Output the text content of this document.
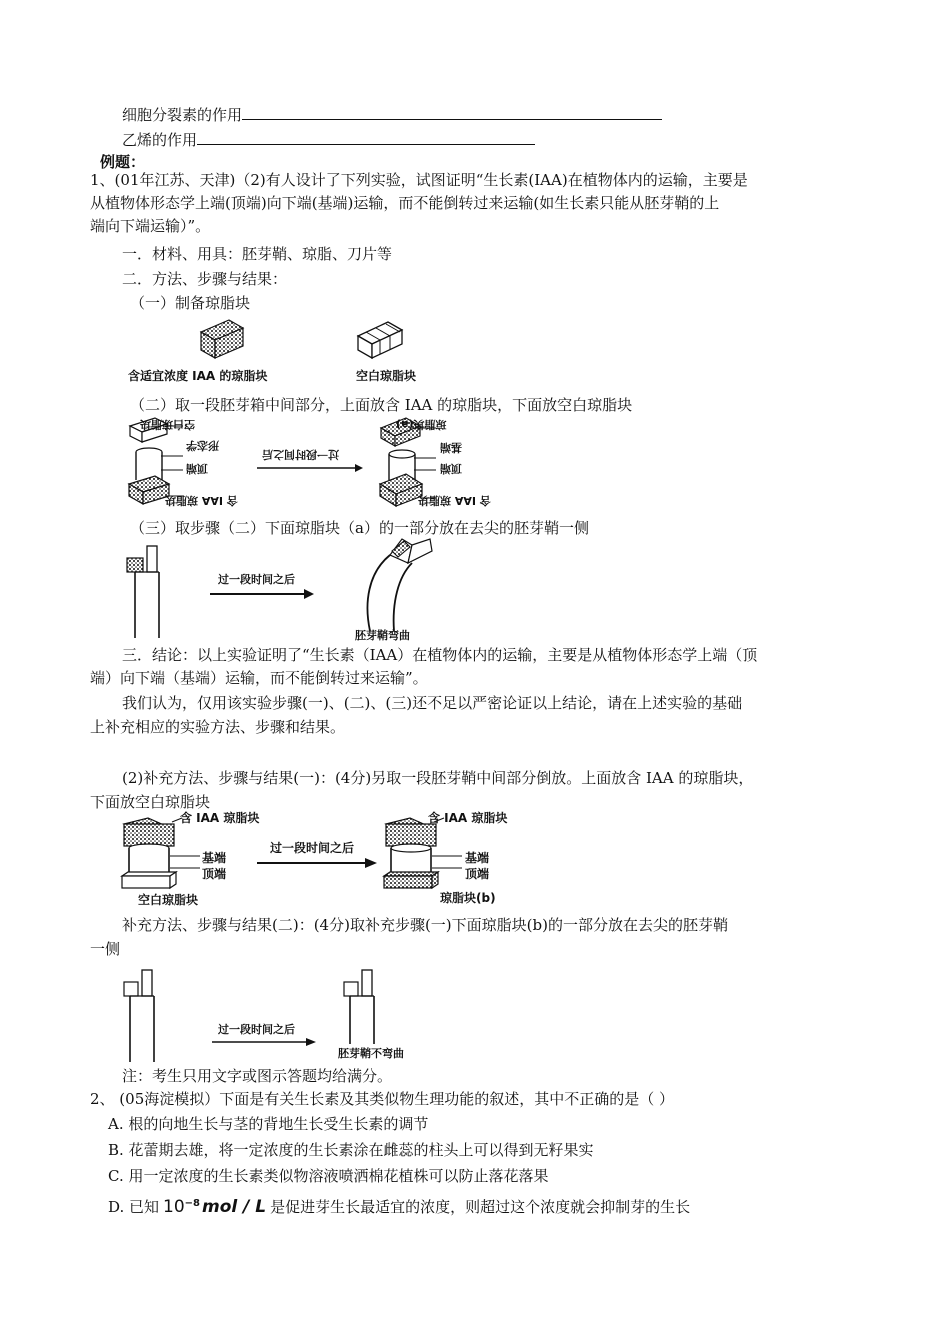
细胞分裂素的作用
乙烯的作用
例题：
1、(01年江苏、天津)（2)有人设计了下列实验，试图证明“生长素(IAA)在植物体内的运输，主要是
从植物体形态学上端(顶端)向下端(基端)运输，而不能倒转过来运输(如生长素只能从胚芽鞘的上
端向下端运输）”。
一．材料、用具：胚芽鞘、琼脂、刀片等
二．方法、步骤与结果：
（一）制备琼脂块
含适宜浓度 IAA 的琼脂块	空白琼脂块
（二）取一段胚芽箱中间部分，上面放含 IAA 的琼脂块，下面放空白琼脂块
空白琼脂块
形态学
顶端
含 IAA 琼脂块
过一段时间之后
琼脂块(a)
基端
顶端
含 IAA 琼脂块
（三）取步骤（二）下面琼脂块（a）的一部分放在去尖的胚芽鞘一侧
过一段时间之后
胚芽鞘弯曲
三．结论：以上实验证明了“生长素（IAA）在植物体内的运输，主要是从植物体形态学上端（顶
端）向下端（基端）运输，而不能倒转过来运输”。
我们认为，仅用该实验步骤(一)、(二)、(三)还不足以严密论证以上结论，请在上述实验的基础
上补充相应的实验方法、步骤和结果。
(2)补充方法、步骤与结果(一)：(4分)另取一段胚芽鞘中间部分倒放。上面放含 IAA 的琼脂块，
下面放空白琼脂块
含 IAA 琼脂块
基端
顶端
空白琼脂块
过一段时间之后
含 IAA 琼脂块
基端
顶端
琼脂块(b)
补充方法、步骤与结果(二)：(4分)取补充步骤(一)下面琼脂块(b)的一部分放在去尖的胚芽鞘
一侧
过一段时间之后
胚芽鞘不弯曲
注：考生只用文字或图示答题均给满分。
2、 (05海淀模拟）下面是有关生长素及其类似物生理功能的叙述，其中不正确的是（ ）
A. 根的向地生长与茎的背地生长受生长素的调节
B. 花蕾期去雄，将一定浓度的生长素涂在雌蕊的柱头上可以得到无籽果实
C. 用一定浓度的生长素类似物溶液喷洒棉花植株可以防止落花落果
D. 已知 $10^{-8}$ mol / L 是促进芽生长最适宜的浓度，则超过这个浓度就会抑制芽的生长
